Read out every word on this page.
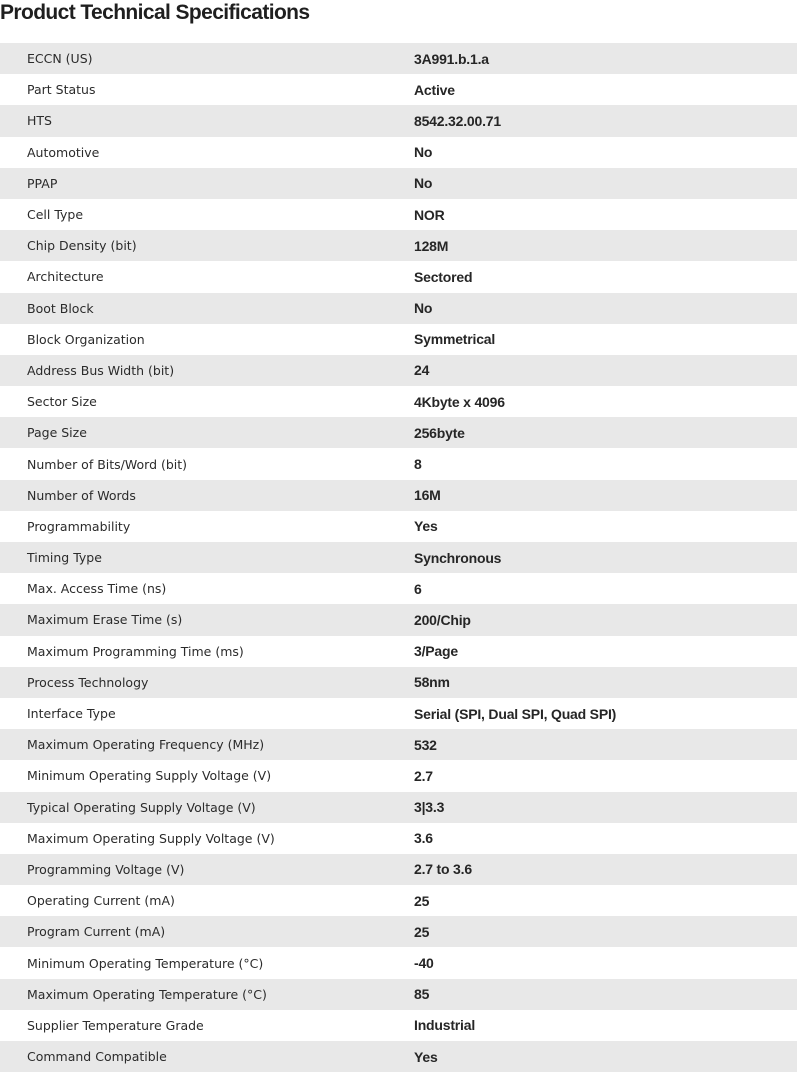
Product Technical Specifications
ECCN (US)	3A991.b.1.a
Part Status	Active
HTS	8542.32.00.71
Automotive	No
PPAP	No
Cell Type	NOR
Chip Density (bit)	128M
Architecture	Sectored
Boot Block	No
Block Organization	Symmetrical
Address Bus Width (bit)	24
Sector Size	4Kbyte x 4096
Page Size	256byte
Number of Bits/Word (bit)	8
Number of Words	16M
Programmability	Yes
Timing Type	Synchronous
Max. Access Time (ns)	6
Maximum Erase Time (s)	200/Chip
Maximum Programming Time (ms)	3/Page
Process Technology	58nm
Interface Type	Serial (SPI, Dual SPI, Quad SPI)
Maximum Operating Frequency (MHz)	532
Minimum Operating Supply Voltage (V)	2.7
Typical Operating Supply Voltage (V)	3|3.3
Maximum Operating Supply Voltage (V)	3.6
Programming Voltage (V)	2.7 to 3.6
Operating Current (mA)	25
Program Current (mA)	25
Minimum Operating Temperature (°C)	-40
Maximum Operating Temperature (°C)	85
Supplier Temperature Grade	Industrial
Command Compatible	Yes
